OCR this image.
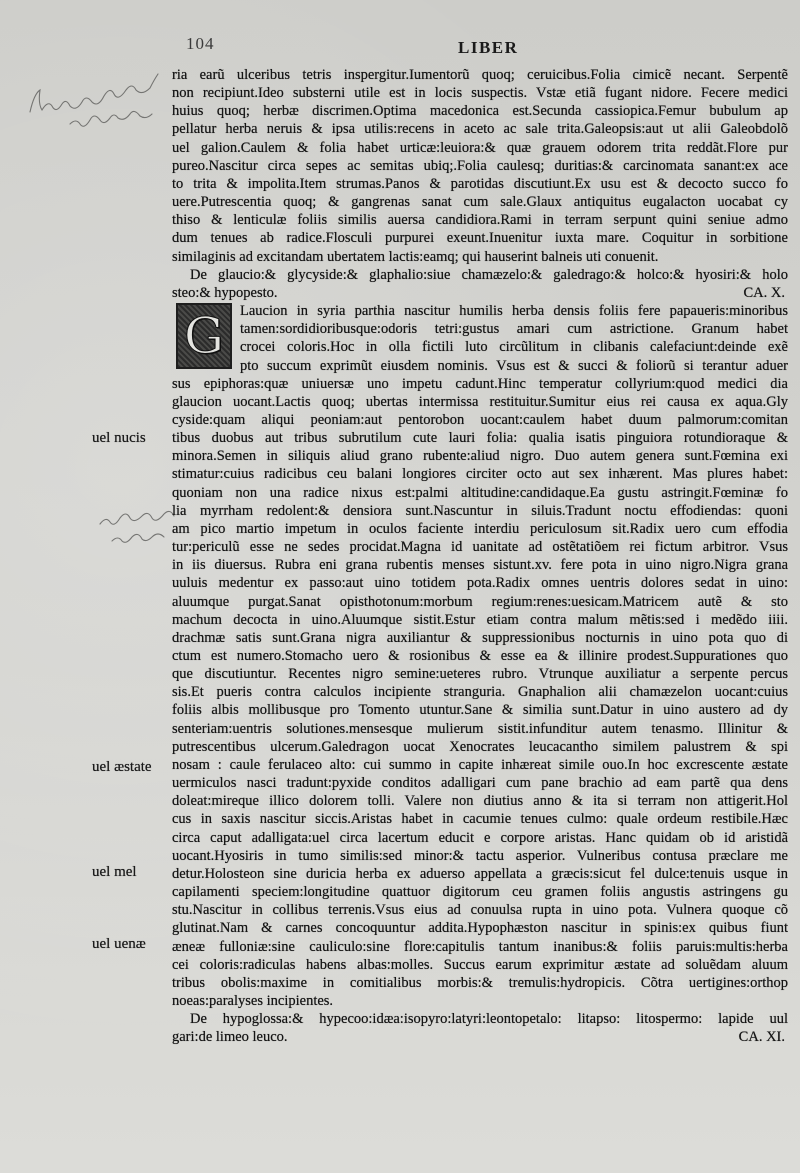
104	LIBER
uel nucis
uel æstate
uel mel
uel uenæ
ria earũ ulceribus tetris inspergitur.Iumentorũ quoq; ceruicibus.Folia cimicẽ necant. Serpentẽ
non recipiunt.Ideo substerni utile est in locis suspectis. Vstæ etiã fugant nidore. Fecere medici
huius quoq; herbæ discrimen.Optima macedonica est.Secunda cassiopica.Femur bubulum ap
pellatur herba neruis & ipsa utilis:recens in aceto ac sale trita.Galeopsis:aut ut alii Galeobdolõ
uel galion.Caulem & folia habet urticæ:leuiora:& quæ grauem odorem trita reddãt.Flore pur
pureo.Nascitur circa sepes ac semitas ubiq;.Folia caulesq; duritias:& carcinomata sanant:ex ace
to trita & impolita.Item strumas.Panos & parotidas discutiunt.Ex usu est & decocto succo fo
uere.Putrescentia quoq; & gangrenas sanat cum sale.Glaux antiquitus eugalacton uocabat cy
thiso & lenticulæ foliis similis auersa candidiora.Rami in terram serpunt quini seniue admo
dum tenues ab radice.Flosculi purpurei exeunt.Inuenitur iuxta mare. Coquitur in sorbitione
similaginis ad excitandam ubertatem lactis:eamq; qui hauserint balneis uti conuenit.
De glaucio:& glycyside:& glaphalio:siue chamæzelo:& galedrago:& holco:& hyosiri:& holo
steo:& hypopesto.	CA. X.
G	Laucion in syria parthia nascitur humilis herba densis foliis fere papaueris:minoribus
tamen:sordidioribusque:odoris tetri:gustus amari cum astrictione. Granum habet
crocei coloris.Hoc in olla fictili luto circũlitum in clibanis calefaciunt:deinde exẽ
pto succum exprimũt eiusdem nominis. Vsus est & succi & foliorũ si terantur aduer
sus epiphoras:quæ uniuersæ uno impetu cadunt.Hinc temperatur collyrium:quod medici dia
glaucion uocant.Lactis quoq; ubertas intermissa restituitur.Sumitur eius rei causa ex aqua.Gly
cyside:quam aliqui peoniam:aut pentorobon uocant:caulem habet duum palmorum:comitan
tibus duobus aut tribus subrutilum cute lauri folia: qualia isatis pinguiora rotundioraque &
minora.Semen in siliquis aliud grano rubente:aliud nigro. Duo autem genera sunt.Fœmina exi
stimatur:cuius radicibus ceu balani longiores circiter octo aut sex inhærent. Mas plures habet:
quoniam non una radice nixus est:palmi altitudine:candidaque.Ea gustu astringit.Fœminæ fo
lia myrrham redolent:& densiora sunt.Nascuntur in siluis.Tradunt noctu effodiendas: quoni
am pico martio impetum in oculos faciente interdiu periculosum sit.Radix uero cum effodia
tur:periculũ esse ne sedes procidat.Magna id uanitate ad ostẽtatiõem rei fictum arbitror. Vsus
in iis diuersus. Rubra eni grana rubentis menses sistunt.xv. fere pota in uino nigro.Nigra grana
uuluis medentur ex passo:aut uino totidem pota.Radix omnes uentris dolores sedat in uino:
aluumque purgat.Sanat opisthotonum:morbum regium:renes:uesicam.Matricem autẽ & sto
machum decocta in uino.Aluumque sistit.Estur etiam contra malum mẽtis:sed i medẽdo iiii.
drachmæ satis sunt.Grana nigra auxiliantur & suppressionibus nocturnis in uino pota quo di
ctum est numero.Stomacho uero & rosionibus & esse ea & illinire prodest.Suppurationes quo
que discutiuntur. Recentes nigro semine:ueteres rubro. Vtrunque auxiliatur a serpente percus
sis.Et pueris contra calculos incipiente stranguria. Gnaphalion alii chamæzelon uocant:cuius
foliis albis mollibusque pro Tomento utuntur.Sane & similia sunt.Datur in uino austero ad dy
senteriam:uentris solutiones.mensesque mulierum sistit.infunditur autem tenasmo. Illinitur &
putrescentibus ulcerum.Galedragon uocat Xenocrates leucacantho similem palustrem & spi
nosam : caule ferulaceo alto: cui summo in capite inhæreat simile ouo.In hoc excrescente æstate
uermiculos nasci tradunt:pyxide conditos adalligari cum pane brachio ad eam partẽ qua dens
doleat:mireque illico dolorem tolli. Valere non diutius anno & ita si terram non attigerit.Hol
cus in saxis nascitur siccis.Aristas habet in cacumie tenues culmo: quale ordeum restibile.Hæc
circa caput adalligata:uel circa lacertum educit e corpore aristas. Hanc quidam ob id aristidã
uocant.Hyosiris in tumo similis:sed minor:& tactu asperior. Vulneribus contusa præclare me
detur.Holosteon sine duricia herba ex aduerso appellata a græcis:sicut fel dulce:tenuis usque in
capilamenti speciem:longitudine quattuor digitorum ceu gramen foliis angustis astringens gu
stu.Nascitur in collibus terrenis.Vsus eius ad conuulsa rupta in uino pota. Vulnera quoque cõ
glutinat.Nam & carnes concoquuntur addita.Hypophæston nascitur in spinis:ex quibus fiunt
æneæ fulloniæ:sine cauliculo:sine flore:capitulis tantum inanibus:& foliis paruis:multis:herba
cei coloris:radiculas habens albas:molles. Succus earum exprimitur æstate ad soluẽdam aluum
tribus obolis:maxime in comitialibus morbis:& tremulis:hydropicis. Cõtra uertigines:orthop
noeas:paralyses incipientes.
De hypoglossa:& hypecoo:idæa:isopyro:latyri:leontopetalo: litapso: litospermo: lapide uul
gari:de limeo leuco.	CA. XI.
